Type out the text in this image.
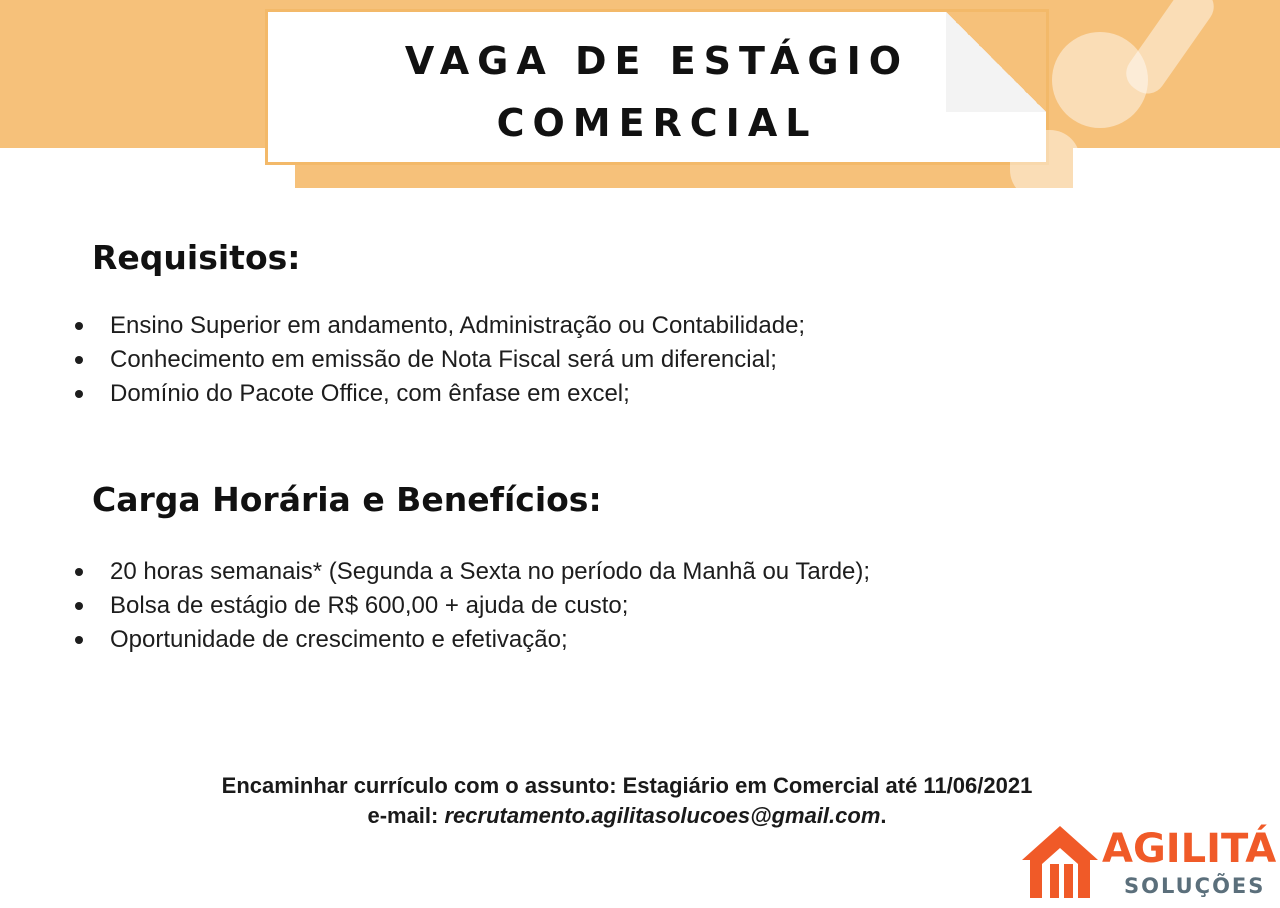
VAGA DE ESTÁGIO
COMERCIAL
Requisitos:
Ensino Superior em andamento, Administração ou Contabilidade;
Conhecimento em emissão de Nota Fiscal será um diferencial;
Domínio do Pacote Office, com ênfase em excel;
Carga Horária e Benefícios:
20 horas semanais* (Segunda a Sexta no período da Manhã ou Tarde);
Bolsa de estágio de R$ 600,00 + ajuda de custo;
Oportunidade de crescimento e efetivação;
Encaminhar currículo com o assunto: Estagiário em Comercial até 11/06/2021
e-mail: recrutamento.agilitasolucoes@gmail.com.
AGILITÁ
SOLUÇÕES
